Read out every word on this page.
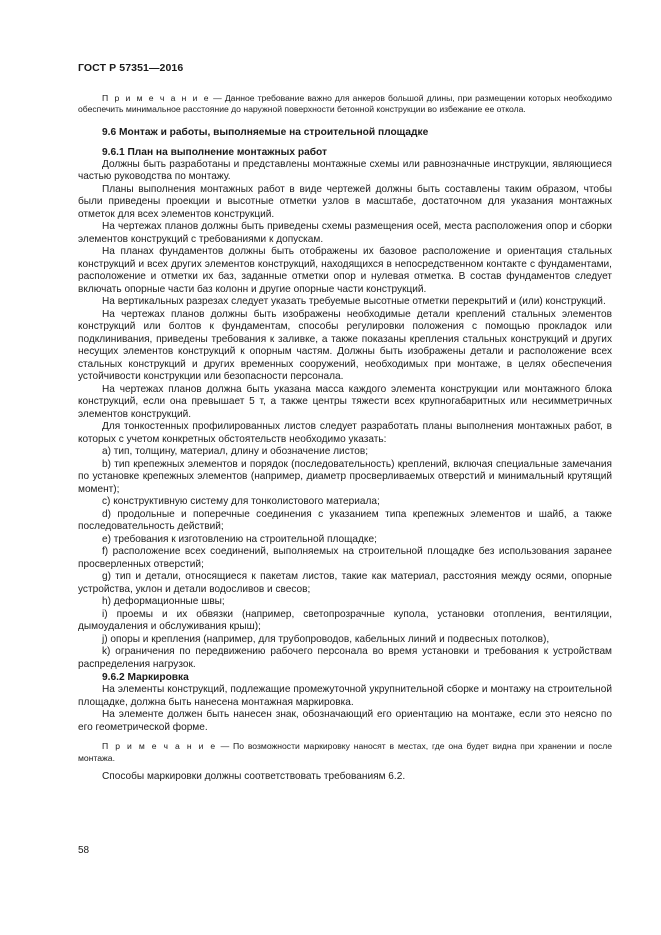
ГОСТ Р 57351—2016

П р и м е ч а н и е — Данное требование важно для анкеров большой длины, при размещении которых необходимо обеспечить минимальное расстояние до наружной поверхности бетонной конструкции во избежание ее откола.

9.6 Монтаж и работы, выполняемые на строительной площадке

9.6.1 План на выполнение монтажных работ

Должны быть разработаны и представлены монтажные схемы или равнозначные инструкции, являющиеся частью руководства по монтажу.

Планы выполнения монтажных работ в виде чертежей должны быть составлены таким образом, чтобы были приведены проекции и высотные отметки узлов в масштабе, достаточном для указания монтажных отметок для всех элементов конструкций.

На чертежах планов должны быть приведены схемы размещения осей, места расположения опор и сборки элементов конструкций с требованиями к допускам.

На планах фундаментов должны быть отображены их базовое расположение и ориентация стальных конструкций и всех других элементов конструкций, находящихся в непосредственном контакте с фундаментами, расположение и отметки их баз, заданные отметки опор и нулевая отметка. В состав фундаментов следует включать опорные части баз колонн и другие опорные части конструкций.

На вертикальных разрезах следует указать требуемые высотные отметки перекрытий и (или) конструкций.

На чертежах планов должны быть изображены необходимые детали креплений стальных элементов конструкций или болтов к фундаментам, способы регулировки положения с помощью прокладок или подклинивания, приведены требования к заливке, а также показаны крепления стальных конструкций и других несущих элементов конструкций к опорным частям. Должны быть изображены детали и расположение всех стальных конструкций и других временных сооружений, необходимых при монтаже, в целях обеспечения устойчивости конструкции или безопасности персонала.

На чертежах планов должна быть указана масса каждого элемента конструкции или монтажного блока конструкций, если она превышает 5 т, а также центры тяжести всех крупногабаритных или несимметричных элементов конструкций.

Для тонкостенных профилированных листов следует разработать планы выполнения монтажных работ, в которых с учетом конкретных обстоятельств необходимо указать:

a) тип, толщину, материал, длину и обозначение листов;

b) тип крепежных элементов и порядок (последовательность) креплений, включая специальные замечания по установке крепежных элементов (например, диаметр просверливаемых отверстий и минимальный крутящий момент);

c) конструктивную систему для тонколистового материала;

d) продольные и поперечные соединения с указанием типа крепежных элементов и шайб, а также последовательность действий;

e) требования к изготовлению на строительной площадке;

f) расположение всех соединений, выполняемых на строительной площадке без использования заранее просверленных отверстий;

g) тип и детали, относящиеся к пакетам листов, такие как материал, расстояния между осями, опорные устройства, уклон и детали водосливов и свесов;

h) деформационные швы;

i) проемы и их обвязки (например, светопрозрачные купола, установки отопления, вентиляции, дымоудаления и обслуживания крыш);

j) опоры и крепления (например, для трубопроводов, кабельных линий и подвесных потолков),

k) ограничения по передвижению рабочего персонала во время установки и требования к устройствам распределения нагрузок.

9.6.2 Маркировка

На элементы конструкций, подлежащие промежуточной укрупнительной сборке и монтажу на строительной площадке, должна быть нанесена монтажная маркировка.

На элементе должен быть нанесен знак, обозначающий его ориентацию на монтаже, если это неясно по его геометрической форме.

П р и м е ч а н и е — По возможности маркировку наносят в местах, где она будет видна при хранении и после монтажа.

Способы маркировки должны соответствовать требованиям 6.2.

58
